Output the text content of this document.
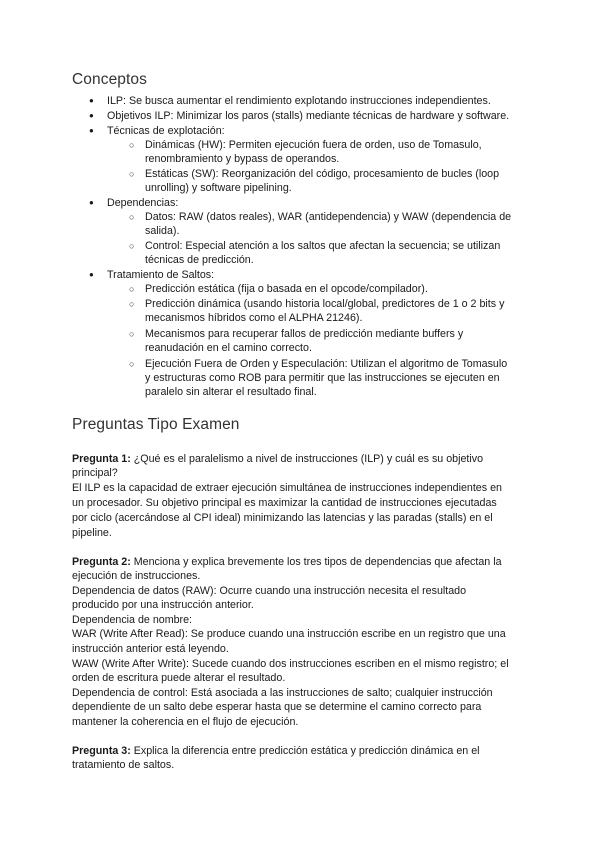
Conceptos
● ILP: Se busca aumentar el rendimiento explotando instrucciones independientes.
● Objetivos ILP: Minimizar los paros (stalls) mediante técnicas de hardware y software.
● Técnicas de explotación:
○ Dinámicas (HW): Permiten ejecución fuera de orden, uso de Tomasulo,
renombramiento y bypass de operandos.
○ Estáticas (SW): Reorganización del código, procesamiento de bucles (loop
unrolling) y software pipelining.
● Dependencias:
○ Datos: RAW (datos reales), WAR (antidependencia) y WAW (dependencia de
salida).
○ Control: Especial atención a los saltos que afectan la secuencia; se utilizan
técnicas de predicción.
● Tratamiento de Saltos:
○ Predicción estática (fija o basada en el opcode/compilador).
○ Predicción dinámica (usando historia local/global, predictores de 1 o 2 bits y
mecanismos híbridos como el ALPHA 21246).
○ Mecanismos para recuperar fallos de predicción mediante buffers y
reanudación en el camino correcto.
○ Ejecución Fuera de Orden y Especulación: Utilizan el algoritmo de Tomasulo
y estructuras como ROB para permitir que las instrucciones se ejecuten en
paralelo sin alterar el resultado final.
Preguntas Tipo Examen
Pregunta 1: ¿Qué es el paralelismo a nivel de instrucciones (ILP) y cuál es su objetivo
principal?
El ILP es la capacidad de extraer ejecución simultánea de instrucciones independientes en
un procesador. Su objetivo principal es maximizar la cantidad de instrucciones ejecutadas
por ciclo (acercándose al CPI ideal) minimizando las latencias y las paradas (stalls) en el
pipeline.
Pregunta 2: Menciona y explica brevemente los tres tipos de dependencias que afectan la
ejecución de instrucciones.
Dependencia de datos (RAW): Ocurre cuando una instrucción necesita el resultado
producido por una instrucción anterior.
Dependencia de nombre:
WAR (Write After Read): Se produce cuando una instrucción escribe en un registro que una
instrucción anterior está leyendo.
WAW (Write After Write): Sucede cuando dos instrucciones escriben en el mismo registro; el
orden de escritura puede alterar el resultado.
Dependencia de control: Está asociada a las instrucciones de salto; cualquier instrucción
dependiente de un salto debe esperar hasta que se determine el camino correcto para
mantener la coherencia en el flujo de ejecución.
Pregunta 3: Explica la diferencia entre predicción estática y predicción dinámica en el
tratamiento de saltos.
